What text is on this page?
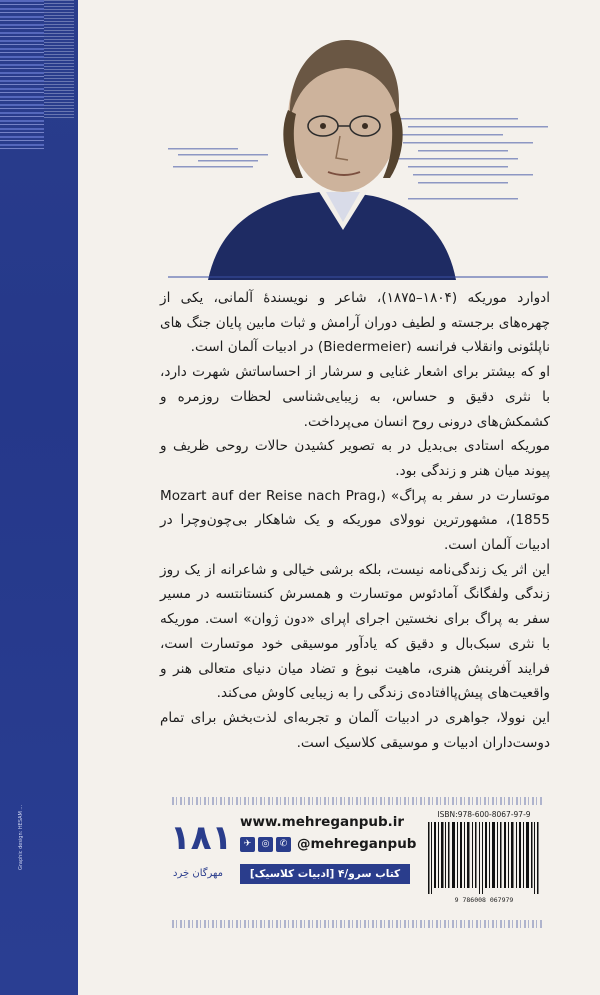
Graphic design: HESAM ...

ادوارد موریکه (۱۸۰۴–۱۸۷۵)، شاعر و نویسندهٔ آلمانی، یکی از چهره‌های برجسته و لطیف دوران آرامش و ثبات مابین پایان جنگ ‌های ناپلئونی وانقلاب فرانسه (Biedermeier) در ادبیات آلمان است.

او که بیشتر برای اشعار غنایی و سرشار از احساساتش شهرت دارد، با نثری دقیق و حساس، به زیبایی‌شناسی لحظات روزمره و کشمکش‌های درونی روح انسان می‌پرداخت.

موریکه استادی بی‌بدیل در به تصویر کشیدن حالات روحی ظریف و پیوند میان هنر و زندگی بود.

موتسارت در سفر به پراگ» (Mozart auf der Reise nach Prag، 1855)، مشهورترین نوولای موریکه و یک شاهکار بی‌چون‌وچرا در ادبیات آلمان است.

این اثر یک زندگی‌نامه نیست، بلکه برشی خیالی و شاعرانه از یک روز زندگی ولفگانگ آمادئوس موتسارت و همسرش کنستانتسه در مسیر سفر به پراگ برای نخستین اجرای اپرای «دون ژوان» است. موریکه با نثری سبک‌بال و دقیق که یادآور موسیقی خود موتسارت است، فرایند آفرینش هنری، ماهیت نبوغ و تضاد میان دنیای متعالی هنر و واقعیت‌های پیش‌پاافتاده‌ی زندگی را به زیبایی کاوش می‌کند.

این نوولا، جواهری در ادبیات آلمان و تجربه‌ای لذت‌بخش برای تمام دوست‌داران ادبیات و موسیقی کلاسیک است.

۱۸۱
مهرگان خِرد
www.mehreganpub.ir
✈	◎	✆ @mehreganpub
کتاب سرو/۴ [ادبیات کلاسیک]
ISBN:978-600-8067-97-9
9 786008 067979
